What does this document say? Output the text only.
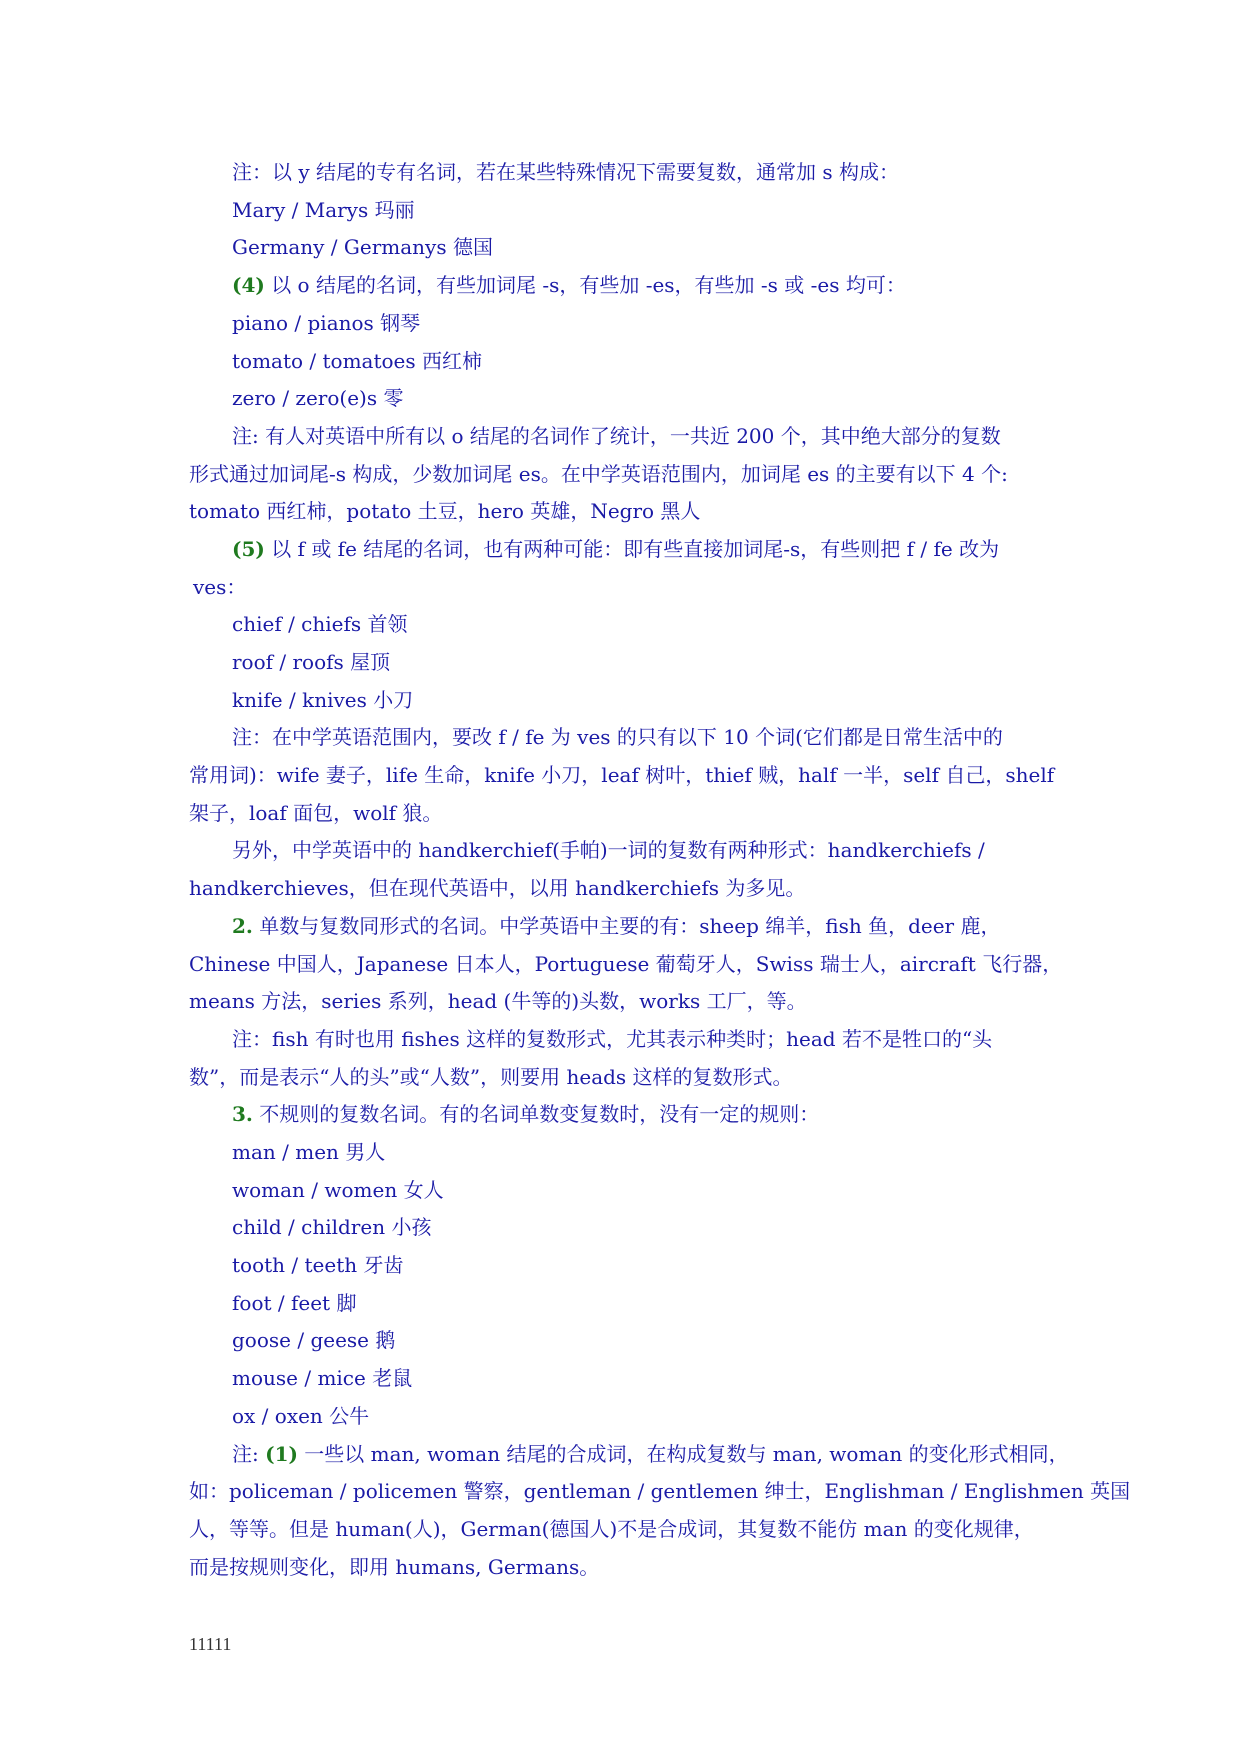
注：以 y 结尾的专有名词，若在某些特殊情况下需要复数，通常加 s 构成：
Mary / Marys 玛丽
Germany / Germanys 德国
(4) 以 o 结尾的名词，有些加词尾 -s，有些加 -es，有些加 -s 或 -es 均可：
piano / pianos 钢琴
tomato / tomatoes 西红柿
zero / zero(e)s 零
注: 有人对英语中所有以 o 结尾的名词作了统计，一共近 200 个，其中绝大部分的复数
形式通过加词尾-s 构成，少数加词尾 es。在中学英语范围内，加词尾 es 的主要有以下 4 个:
tomato 西红柿，potato 土豆，hero 英雄，Negro 黑人
(5) 以 f 或 fe 结尾的名词，也有两种可能：即有些直接加词尾-s，有些则把 f / fe 改为
ves：
chief / chiefs 首领
roof / roofs 屋顶
knife / knives 小刀
注：在中学英语范围内，要改 f / fe 为 ves 的只有以下 10 个词(它们都是日常生活中的
常用词)：wife 妻子，life 生命，knife 小刀，leaf 树叶，thief 贼，half 一半，self 自己，shelf
架子，loaf 面包，wolf 狼。
另外，中学英语中的 handkerchief(手帕)一词的复数有两种形式：handkerchiefs /
handkerchieves，但在现代英语中，以用 handkerchiefs 为多见。
2. 单数与复数同形式的名词。中学英语中主要的有：sheep 绵羊，fish 鱼，deer 鹿，
Chinese 中国人，Japanese 日本人，Portuguese 葡萄牙人，Swiss 瑞士人，aircraft 飞行器，
means 方法，series 系列，head (牛等的)头数，works 工厂，等。
注：fish 有时也用 fishes 这样的复数形式，尤其表示种类时；head 若不是牲口的“头
数”，而是表示“人的头”或“人数”，则要用 heads 这样的复数形式。
3. 不规则的复数名词。有的名词单数变复数时，没有一定的规则：
man / men 男人
woman / women 女人
child / children 小孩
tooth / teeth 牙齿
foot / feet 脚
goose / geese 鹅
mouse / mice 老鼠
ox / oxen 公牛
注: (1) 一些以 man, woman 结尾的合成词，在构成复数与 man, woman 的变化形式相同，
如：policeman / policemen 警察，gentleman / gentlemen 绅士，Englishman / Englishmen 英国
人，等等。但是 human(人)，German(德国人)不是合成词，其复数不能仿 man 的变化规律，
而是按规则变化，即用 humans, Germans。
11111
